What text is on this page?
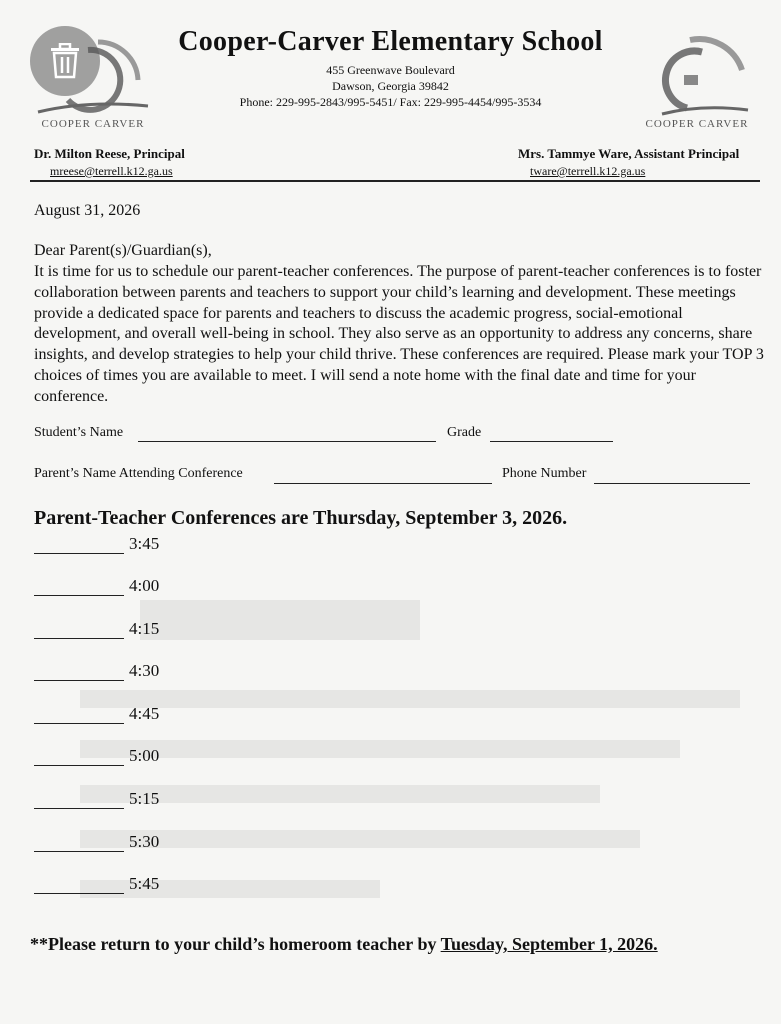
COOPER CARVER	COOPER CARVER
Cooper-Carver Elementary School
455 Greenwave Boulevard
Dawson, Georgia 39842
Phone: 229-995-2843/995-5451/ Fax: 229-995-4454/995-3534
Dr. Milton Reese, Principal
mreese@terrell.k12.ga.us
Mrs. Tammye Ware, Assistant Principal
tware@terrell.k12.ga.us
August 31, 2026
Dear Parent(s)/Guardian(s),

It is time for us to schedule our parent-teacher conferences. The purpose of parent-teacher conferences is to foster collaboration between parents and teachers to support your child’s learning and development. These meetings provide a dedicated space for parents and teachers to discuss the academic progress, social-emotional development, and overall well-being in school. They also serve as an opportunity to address any concerns, share insights, and develop strategies to help your child thrive. These conferences are required. Please mark your TOP 3 choices of times you are available to meet. I will send a note home with the final date and time for your conference.

Student’s Name	Grade
Parent’s Name Attending Conference	Phone Number
Parent-Teacher Conferences are Thursday, September 3, 2026.
3:45
4:00
4:15
4:30
4:45
5:00
5:15
5:30
5:45
**Please return to your child’s homeroom teacher by Tuesday, September 1, 2026.
